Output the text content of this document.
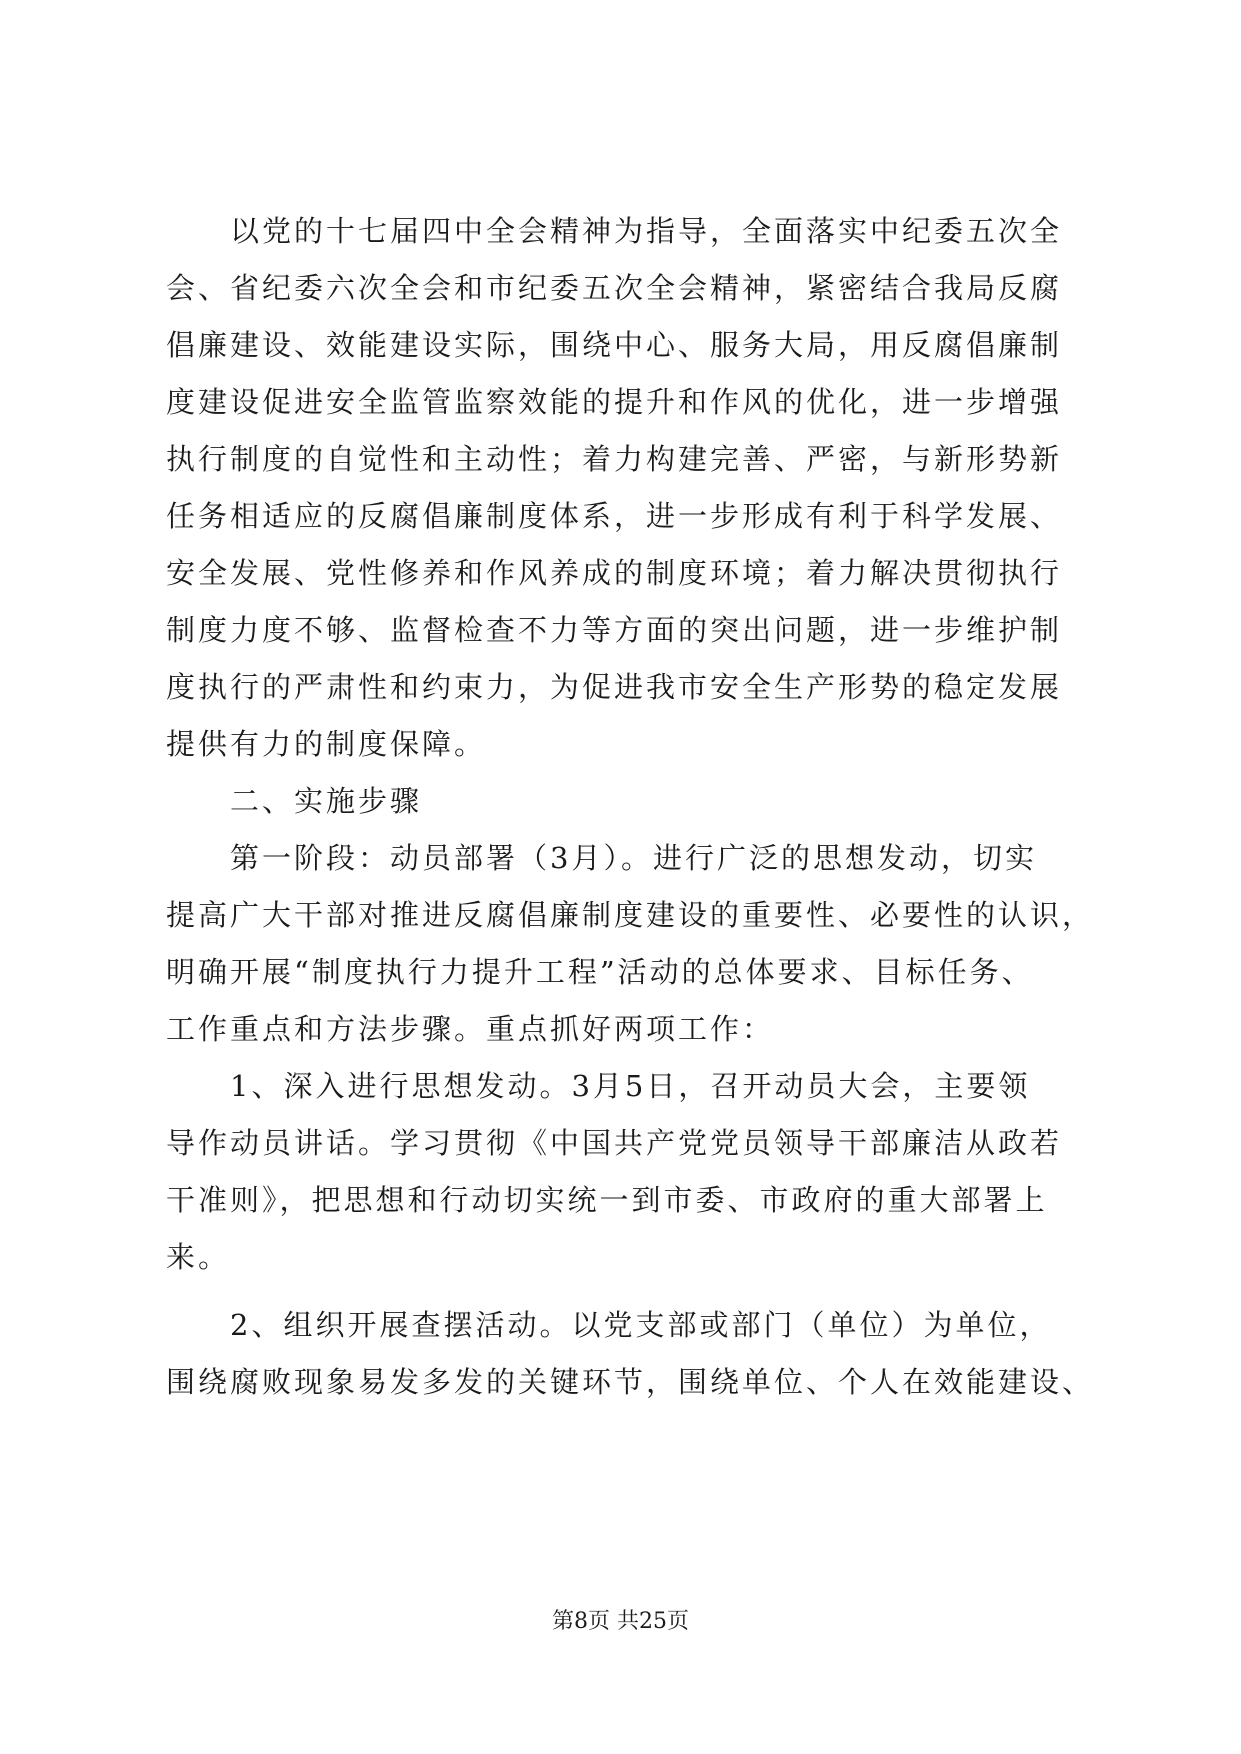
以党的十七届四中全会精神为指导，全面落实中纪委五次全
会、省纪委六次全会和市纪委五次全会精神，紧密结合我局反腐
倡廉建设、效能建设实际，围绕中心、服务大局，用反腐倡廉制
度建设促进安全监管监察效能的提升和作风的优化，进一步增强
执行制度的自觉性和主动性；着力构建完善、严密，与新形势新
任务相适应的反腐倡廉制度体系，进一步形成有利于科学发展、
安全发展、党性修养和作风养成的制度环境；着力解决贯彻执行
制度力度不够、监督检查不力等方面的突出问题，进一步维护制
度执行的严肃性和约束力，为促进我市安全生产形势的稳定发展
提供有力的制度保障。
二、实施步骤
第一阶段：动员部署（3月）。进行广泛的思想发动，切实
提高广大干部对推进反腐倡廉制度建设的重要性、必要性的认识，
明确开展“制度执行力提升工程”活动的总体要求、目标任务、
工作重点和方法步骤。重点抓好两项工作：
1、深入进行思想发动。3月5日，召开动员大会，主要领
导作动员讲话。学习贯彻《中国共产党党员领导干部廉洁从政若
干准则》，把思想和行动切实统一到市委、市政府的重大部署上
来。
2、组织开展查摆活动。以党支部或部门（单位）为单位，
围绕腐败现象易发多发的关键环节，围绕单位、个人在效能建设、
第8页 共25页
